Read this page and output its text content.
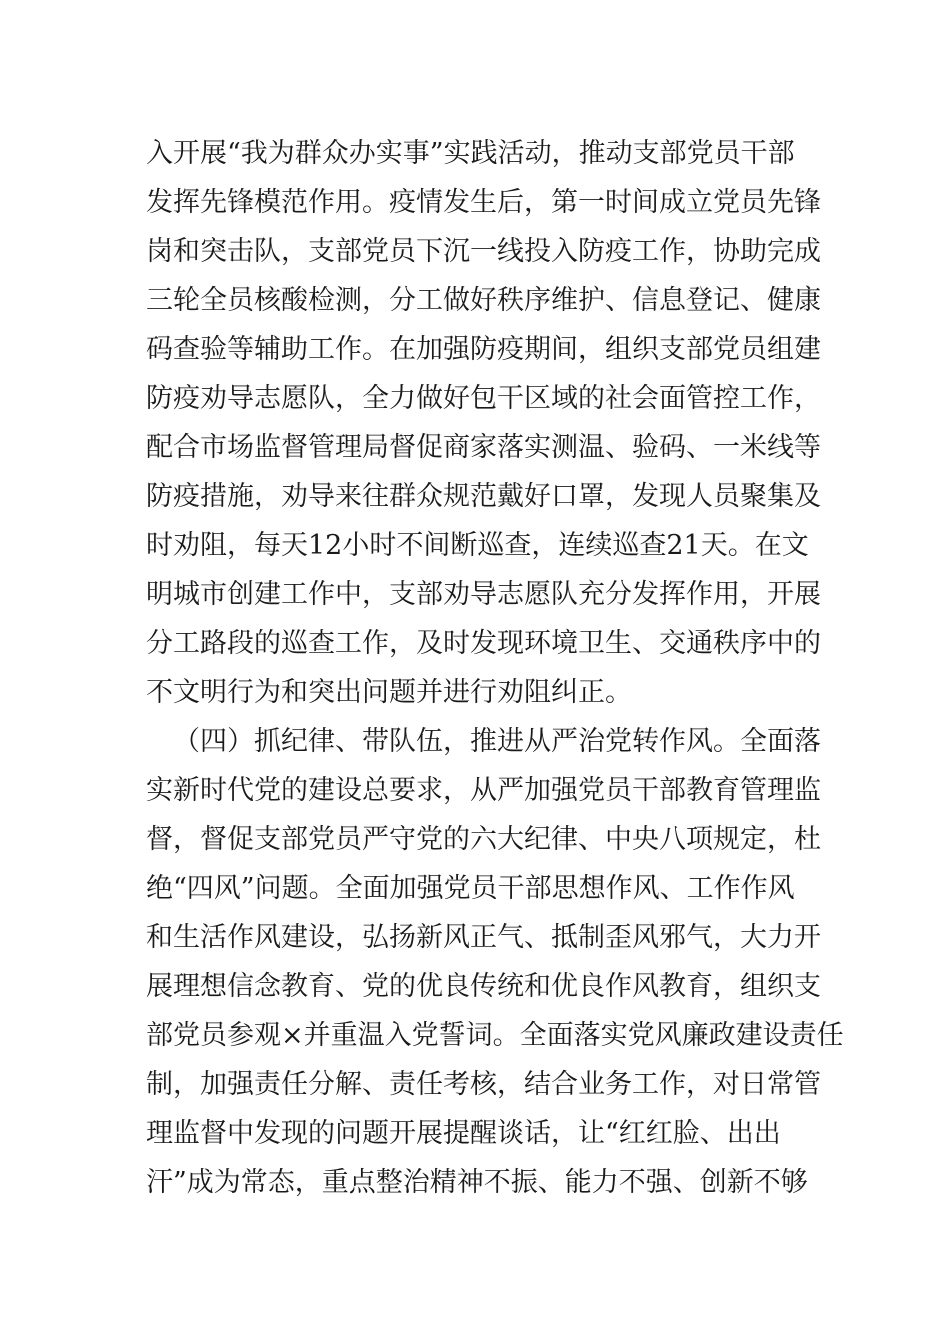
入开展“我为群众办实事”实践活动，推动支部党员干部
发挥先锋模范作用。疫情发生后，第一时间成立党员先锋
岗和突击队，支部党员下沉一线投入防疫工作，协助完成
三轮全员核酸检测，分工做好秩序维护、信息登记、健康
码查验等辅助工作。在加强防疫期间，组织支部党员组建
防疫劝导志愿队，全力做好包干区域的社会面管控工作，
配合市场监督管理局督促商家落实测温、验码、一米线等
防疫措施，劝导来往群众规范戴好口罩，发现人员聚集及
时劝阻，每天12小时不间断巡查，连续巡查21天。在文
明城市创建工作中，支部劝导志愿队充分发挥作用，开展
分工路段的巡查工作，及时发现环境卫生、交通秩序中的
不文明行为和突出问题并进行劝阻纠正。
（四）抓纪律、带队伍，推进从严治党转作风。全面落
实新时代党的建设总要求，从严加强党员干部教育管理监
督，督促支部党员严守党的六大纪律、中央八项规定，杜
绝“四风”问题。全面加强党员干部思想作风、工作作风
和生活作风建设，弘扬新风正气、抵制歪风邪气，大力开
展理想信念教育、党的优良传统和优良作风教育，组织支
部党员参观×并重温入党誓词。全面落实党风廉政建设责任
制，加强责任分解、责任考核，结合业务工作，对日常管
理监督中发现的问题开展提醒谈话，让“红红脸、出出
汗”成为常态，重点整治精神不振、能力不强、创新不够
